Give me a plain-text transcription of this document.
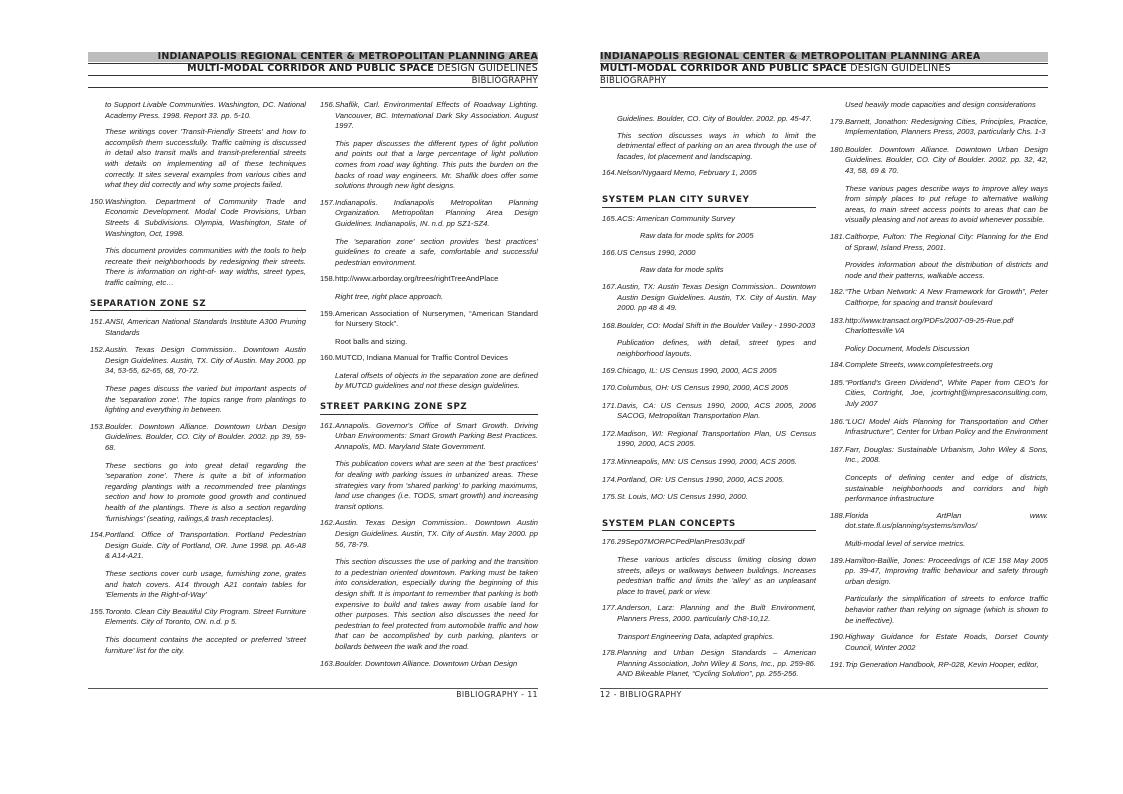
INDIANAPOLIS REGIONAL CENTER & METROPOLITAN PLANNING AREA
MULTI-MODAL CORRIDOR AND PUBLIC SPACE DESIGN GUIDELINES
BIBLIOGRAPHY

to Support Livable Communities. Washington, DC. National Academy Press. 1998. Report 33. pp. 5-10.

These writings cover 'Transit-Friendly Streets' and how to accomplish them successfully. Traffic calming is discussed in detail also transit malls and transit-preferential streets with details on implementing all of these techniques correctly. It sites several examples from various cities and what they did correctly and why some projects failed.

150. Washington. Department of Community Trade and Economic Development. Modal Code Provisions, Urban Streets & Subdivisions. Olympia, Washington, State of Washington, Oct, 1998.

This document provides communities with the tools to help recreate their neighborhoods by redesigning their streets. There is information on right-of- way widths, street types, traffic calming, etc…

SEPARATION ZONE SZ
151. ANSI, American National Standards Institute A300 Pruning Standards
152. Austin. Texas Design Commission.. Downtown Austin Design Guidelines. Austin, TX. City of Austin. May 2000. pp 34, 53-55, 62-65, 68, 70-72.

These pages discuss the varied but important aspects of the 'separation zone'. The topics range from plantings to lighting and everything in between.

153. Boulder. Downtown Alliance. Downtown Urban Design Guidelines. Boulder, CO. City of Boulder. 2002. pp 39, 59-68.

These sections go into great detail regarding the 'separation zone'. There is quite a bit of information regarding plantings with a recommended tree plantings section and how to promote good growth and continued health of the plantings. There is also a section regarding 'furnishings' (seating, railings,& trash receptacles).

154. Portland. Office of Transportation. Portland Pedestrian Design Guide. City of Portland, OR. June 1998. pp. A6-A8 & A14-A21.

These sections cover curb usage, furnishing zone, grates and hatch covers. A14 through A21 contain tables for 'Elements in the Right-of-Way'

155. Toronto. Clean City Beautiful City Program. Street Furniture Elements. City of Toronto, ON. n.d. p 5.

This document contains the accepted or preferred 'street furniture' list for the city.

156. Shaflik, Carl. Environmental Effects of Roadway Lighting. Vancouver, BC. International Dark Sky Association. August 1997.

This paper discusses the different types of light pollution and points out that a large percentage of light pollution comes from road way lighting. This puts the burden on the backs of road way engineers. Mr. Shaflik does offer some solutions through new light designs.

157. Indianapolis. Indianapolis Metropolitan Planning Organization. Metropolitan Planning Area Design Guidelines. Indianapolis, IN. n.d. pp SZ1-SZ4.

The 'separation zone' section provides 'best practices' guidelines to create a safe, comfortable and successful pedestrian environment.

158. http://www.arborday.org/trees/rightTreeAndPlace

Right tree, right place approach.

159. American Association of Nurserymen, “American Standard for Nursery Stock”.

Root balls and sizing.

160. MUTCD, Indiana Manual for Traffic Control Devices

Lateral offsets of objects in the separation zone are defined by MUTCD guidelines and not these design guidelines.

STREET PARKING ZONE SPZ
161. Annapolis. Governor's Office of Smart Growth. Driving Urban Environments: Smart Growth Parking Best Practices. Annapolis, MD. Maryland State Government.

This publication covers what are seen at the 'best practices' for dealing with parking issues in urbanized areas. These strategies vary from 'shared parking' to parking maximums, land use changes (i.e. TODS, smart growth) and increasing transit options.

162. Austin. Texas Design Commission.. Downtown Austin Design Guidelines. Austin, TX. City of Austin. May 2000. pp 56, 78-79.

This section discusses the use of parking and the transition to a pedestrian oriented downtown. Parking must be taken into consideration, especially during the beginning of this design shift. It is important to remember that parking is both expensive to build and takes away from usable land for other purposes. This section also discusses the need for pedestrian to feel protected from automobile traffic and how that can be accomplished by curb parking, planters or bollards between the walk and the road.

163. Boulder. Downtown Alliance. Downtown Urban Design
BIBLIOGRAPHY - 11
INDIANAPOLIS REGIONAL CENTER & METROPOLITAN PLANNING AREA
MULTI-MODAL CORRIDOR AND PUBLIC SPACE DESIGN GUIDELINES
BIBLIOGRAPHY

Guidelines. Boulder, CO. City of Boulder. 2002. pp. 45-47.

This section discusses ways in which to limit the detrimental effect of parking on an area through the use of facades, lot placement and landscaping.

164. Nelson/Nygaard Memo, February 1, 2005
SYSTEM PLAN CITY SURVEY
165. ACS: American Community Survey

Raw data for mode splits for 2005

166. US Census 1990, 2000

Raw data for mode splits

167. Austin, TX: Austin Texas Design Commission.. Downtown Austin Design Guidelines. Austin, TX. City of Austin. May 2000. pp 48 & 49.
168. Boulder, CO: Modal Shift in the Boulder Valley - 1990-2003

Publication defines, with detail, street types and neighborhood layouts.

169. Chicago, IL: US Census 1990, 2000, ACS 2005
170. Columbus, OH: US Census 1990, 2000, ACS 2005
171. Davis, CA: US Census 1990, 2000, ACS 2005, 2006 SACOG, Metropolitan Transportation Plan.
172. Madison, WI: Regional Transportation Plan, US Census 1990, 2000, ACS 2005.
173. Minneapolis, MN: US Census 1990, 2000, ACS 2005.
174. Portland, OR: US Census 1990, 2000, ACS 2005.
175. St. Louis, MO: US Census 1990, 2000.
SYSTEM PLAN CONCEPTS
176. 29Sep07MORPCPedPlanPres03v.pdf

These various articles discuss limiting closing down streets, alleys or walkways between buildings. Increases pedestrian traffic and limits the 'alley' as an unpleasant place to travel, park or view.

177. Anderson, Larz: Planning and the Built Environment, Planners Press, 2000. particularly Ch8-10,12.

Transport Engineering Data, adapted graphics.

178. Planning and Urban Design Standards – American Planning Association, John Wiley & Sons, Inc., pp. 259-86. AND Bikeable Planet, “Cycling Solution”, pp. 255-256.

Used heavily mode capacities and design considerations

179. Barnett, Jonathon: Redesigning Cities, Principles, Practice, Implementation, Planners Press, 2003, particularly Chs. 1-3
180. Boulder. Downtown Alliance. Downtown Urban Design Guidelines. Boulder, CO. City of Boulder. 2002. pp. 32, 42, 43, 58, 69 & 70.

These various pages describe ways to improve alley ways from simply places to put refuge to alternative walking areas, to main street access points to areas that can be visually pleasing and not areas to avoid whenever possible.

181. Calthorpe, Fulton: The Regional City: Planning for the End of Sprawl, Island Press, 2001.

Provides information about the distribution of districts and node and their patterns, walkable access.

182. “The Urban Network: A New Framework for Growth”, Peter Calthorpe, for spacing and transit boulevard
183. http://www.transact.org/PDFs/2007-09-25-Rue.pdf Charlottesville VA

Policy Document, Models Discussion

184. Complete Streets, www.completestreets.org
185. “Portland's Green Dividend”, White Paper from CEO's for Cities, Cortright, Joe, jcortright@impresaconsulting.com, July 2007
186. “LUCI Model Aids Planning for Transportation and Other Infrastructure”, Center for Urban Policy and the Environment
187. Farr, Douglas: Sustainable Urbanism, John Wiley & Sons, Inc., 2008.

Concepts of defining center and edge of districts, sustainable neighborhoods and corridors and high performance infrastructure

188. Florida ArtPlan www. dot.state.fl.us/planning/systems/sm/los/

Multi-modal level of service metrics.

189. Hamilton-Baillie, Jones: Proceedings of ICE 158 May 2005 pp. 39-47, Improving traffic behaviour and safety through urban design.

Particularly the simplification of streets to enforce traffic behavior rather than relying on signage (which is shown to be ineffective).

190. Highway Guidance for Estate Roads, Dorset County Council, Winter 2002
191. Trip Generation Handbook, RP-028, Kevin Hooper, editor,
12 - BIBLIOGRAPHY
